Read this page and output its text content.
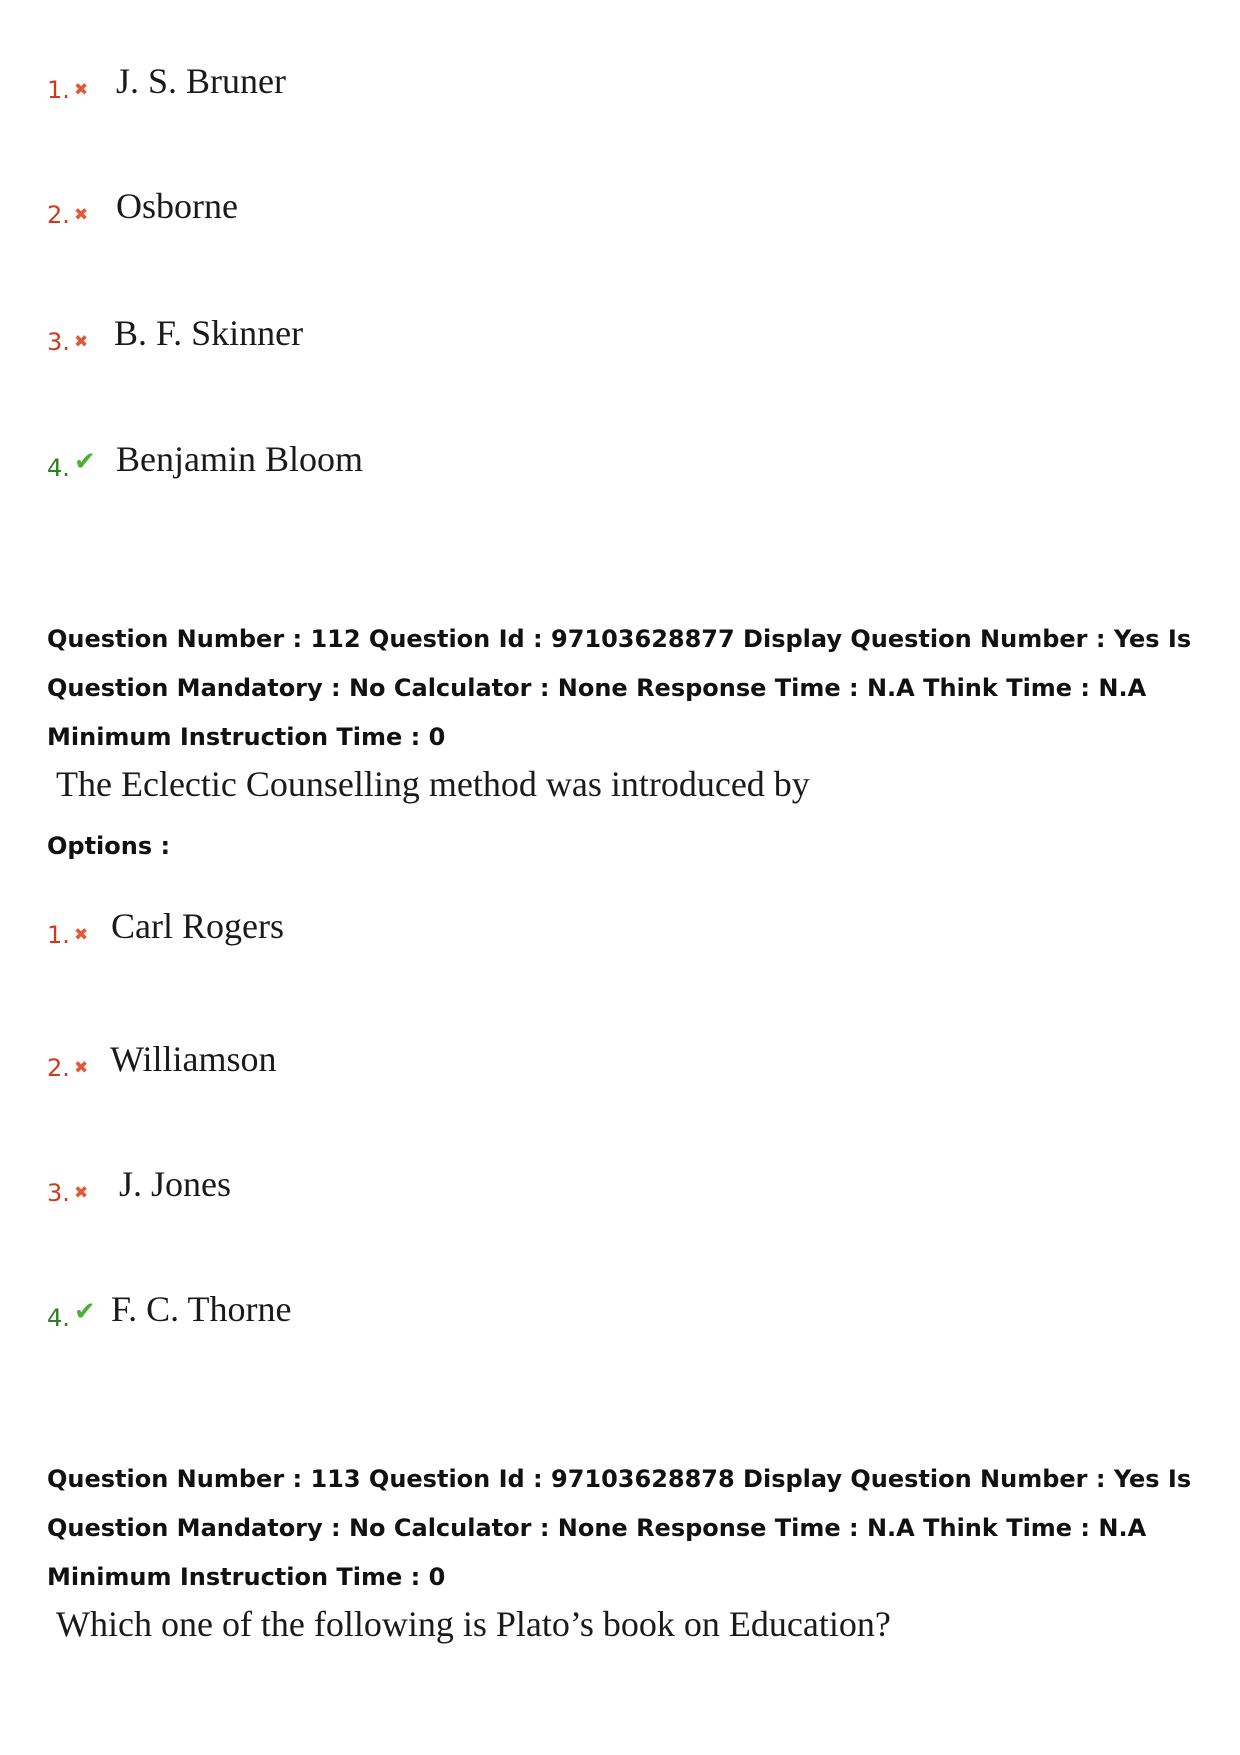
1. ✖ J. S. Bruner
2. ✖ Osborne
3. ✖ B. F. Skinner
4. ✔ Benjamin Bloom
Question Number : 112 Question Id : 97103628877 Display Question Number : Yes Is Question Mandatory : No Calculator : None Response Time : N.A Think Time : N.A Minimum Instruction Time : 0
The Eclectic Counselling method was introduced by
Options :
1. ✖ Carl Rogers
2. ✖ Williamson
3. ✖ J. Jones
4. ✔ F. C. Thorne
Question Number : 113 Question Id : 97103628878 Display Question Number : Yes Is Question Mandatory : No Calculator : None Response Time : N.A Think Time : N.A Minimum Instruction Time : 0
Which one of the following is Plato’s book on Education?
